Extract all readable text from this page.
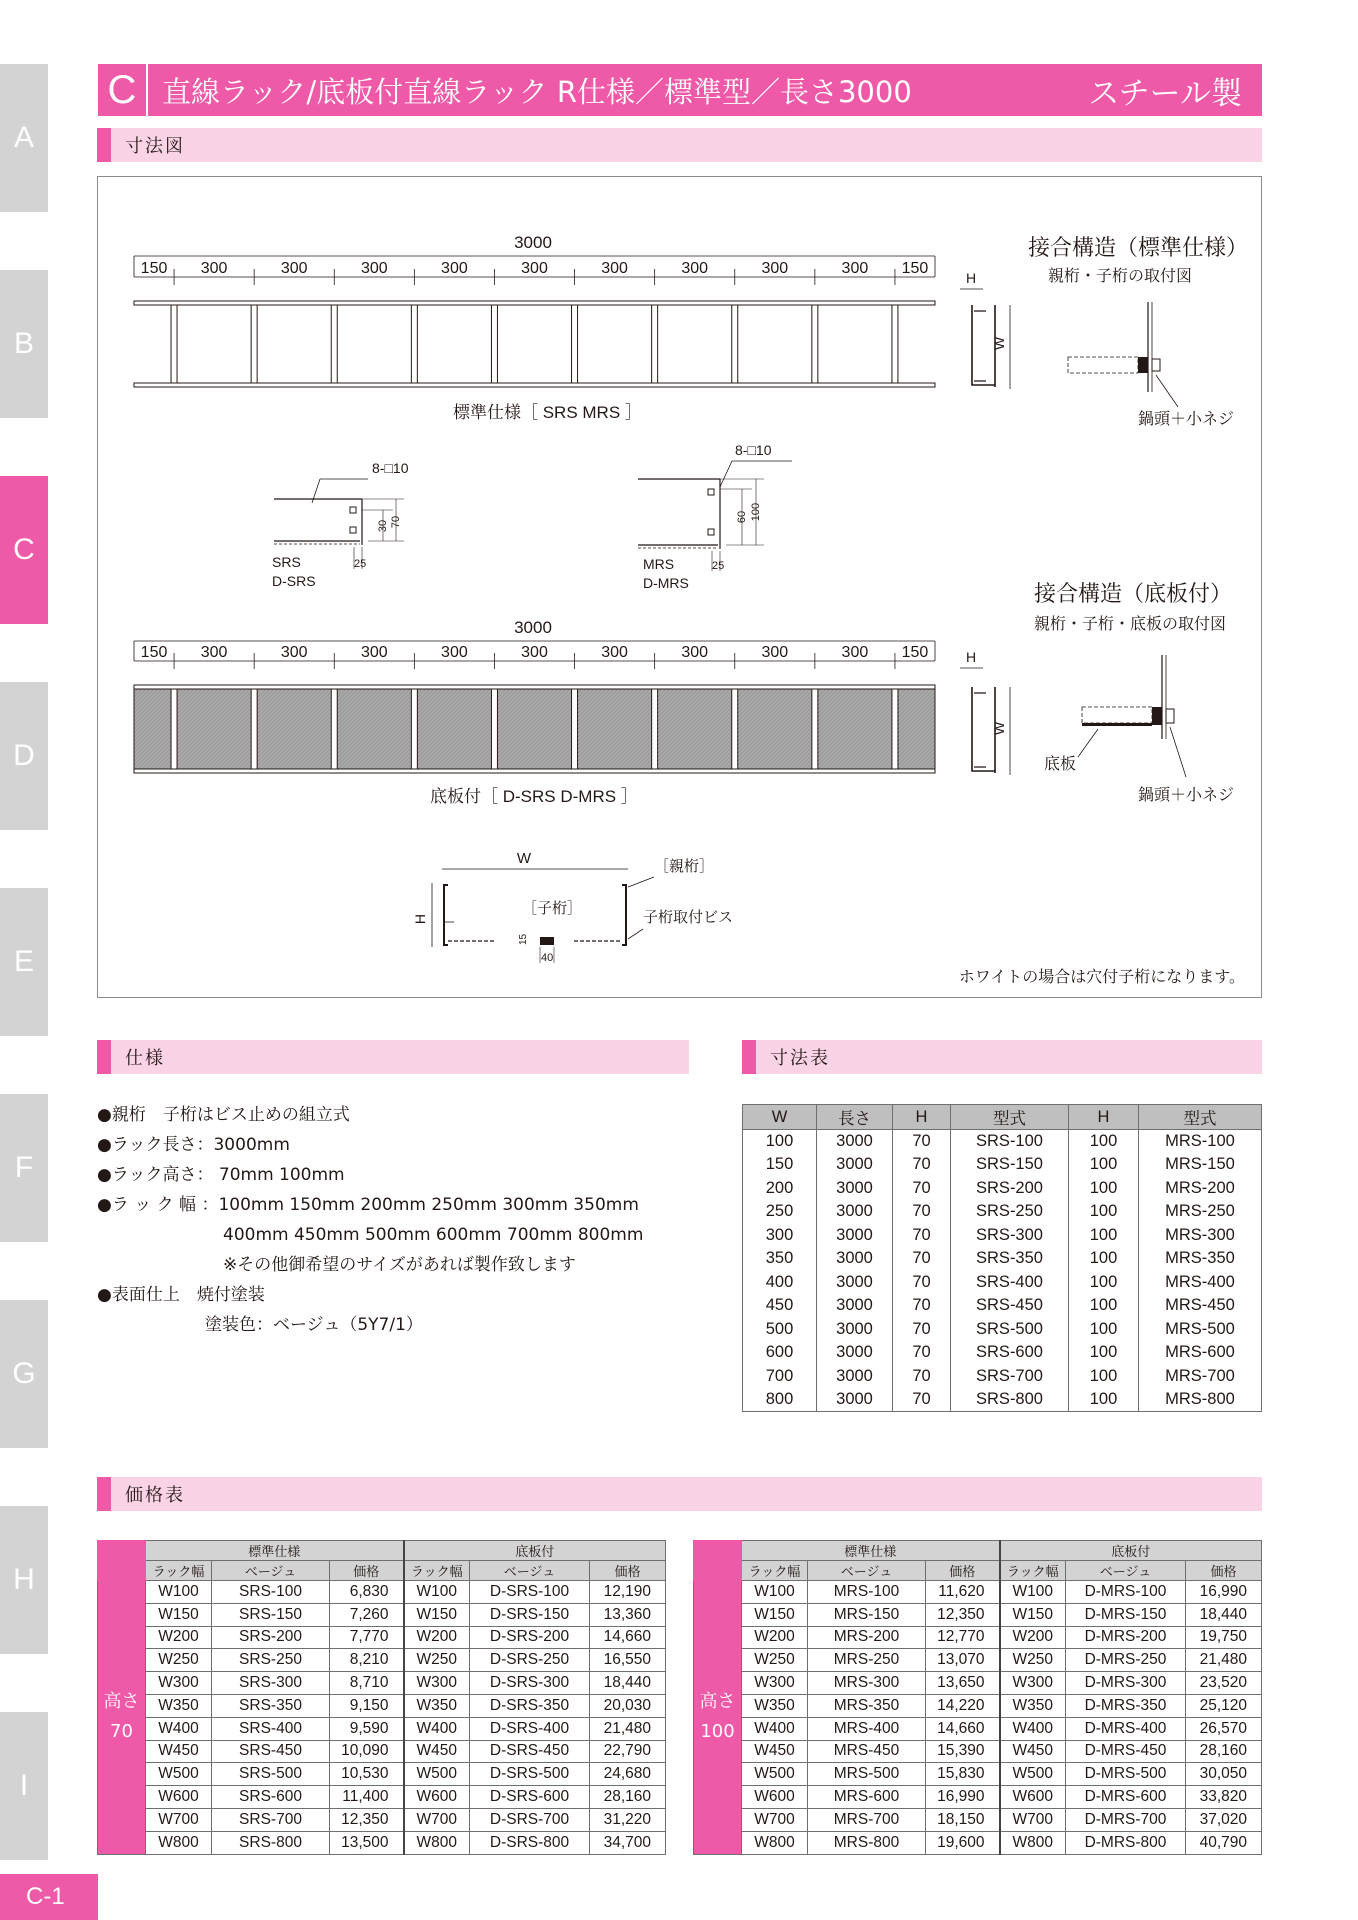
A
B
C
D
E
F
G
H
I
C-1
C 直線ラック/底板付直線ラック R仕様／標準型／長さ3000	スチール製
寸法図
3000
150 300	300	300	300	300	300	300	300	300 150
標準仕様［ SRS MRS ］
H
W
接合構造（標準仕様）
親桁・子桁の取付図
鍋頭＋小ネジ
8-□10
30 70
25
SRS
D-SRS
8-□10
60 100
25
MRS
D-MRS
3000
150 300	300	300	300	300	300	300	300	300 150
底板付［ D-SRS D-MRS ］
H
W
接合構造（底板付）
親桁・子桁・底板の取付図
底板
鍋頭＋小ネジ
W
H
［子桁］
［親桁］
子桁取付ビス
15
40
ホワイトの場合は穴付子桁になります。
仕様
●親桁　子桁はビス止めの組立式
●ラック長さ：3000mm
●ラック高さ： 70mm 100mm
●ラ ッ ク 幅 ：100mm 150mm 200mm 250mm 300mm 350mm
400mm 450mm 500mm 600mm 700mm 800mm
※その他御希望のサイズがあれば製作致します
●表面仕上　焼付塗装
塗装色：ベージュ（5Y7/1）
寸法表
W	長さ	H	型式	H	型式
100	3000	70	SRS-100	100	MRS-100
150	3000	70	SRS-150	100	MRS-150
200	3000	70	SRS-200	100	MRS-200
250	3000	70	SRS-250	100	MRS-250
300	3000	70	SRS-300	100	MRS-300
350	3000	70	SRS-350	100	MRS-350
400	3000	70	SRS-400	100	MRS-400
450	3000	70	SRS-450	100	MRS-450
500	3000	70	SRS-500	100	MRS-500
600	3000	70	SRS-600	100	MRS-600
700	3000	70	SRS-700	100	MRS-700
800	3000	70	SRS-800	100	MRS-800
価格表
	標準仕様			底板付		
	ラック幅	ベージュ	価格	ラック幅	ベージュ	価格

高さ
70	W100	SRS-100	6,830	W100	D-SRS-100	12,190
	W150	SRS-150	7,260	W150	D-SRS-150	13,360
	W200	SRS-200	7,770	W200	D-SRS-200	14,660
	W250	SRS-250	8,210	W250	D-SRS-250	16,550
	W300	SRS-300	8,710	W300	D-SRS-300	18,440
	W350	SRS-350	9,150	W350	D-SRS-350	20,030
	W400	SRS-400	9,590	W400	D-SRS-400	21,480
	W450	SRS-450	10,090	W450	D-SRS-450	22,790
	W500	SRS-500	10,530	W500	D-SRS-500	24,680
	W600	SRS-600	11,400	W600	D-SRS-600	28,160
	W700	SRS-700	12,350	W700	D-SRS-700	31,220
	W800	SRS-800	13,500	W800	D-SRS-800	34,700
	標準仕様			底板付		
	ラック幅	ベージュ	価格	ラック幅	ベージュ	価格

高さ
100	W100	MRS-100	11,620	W100	D-MRS-100	16,990
	W150	MRS-150	12,350	W150	D-MRS-150	18,440
	W200	MRS-200	12,770	W200	D-MRS-200	19,750
	W250	MRS-250	13,070	W250	D-MRS-250	21,480
	W300	MRS-300	13,650	W300	D-MRS-300	23,520
	W350	MRS-350	14,220	W350	D-MRS-350	25,120
	W400	MRS-400	14,660	W400	D-MRS-400	26,570
	W450	MRS-450	15,390	W450	D-MRS-450	28,160
	W500	MRS-500	15,830	W500	D-MRS-500	30,050
	W600	MRS-600	16,990	W600	D-MRS-600	33,820
	W700	MRS-700	18,150	W700	D-MRS-700	37,020
	W800	MRS-800	19,600	W800	D-MRS-800	40,790
